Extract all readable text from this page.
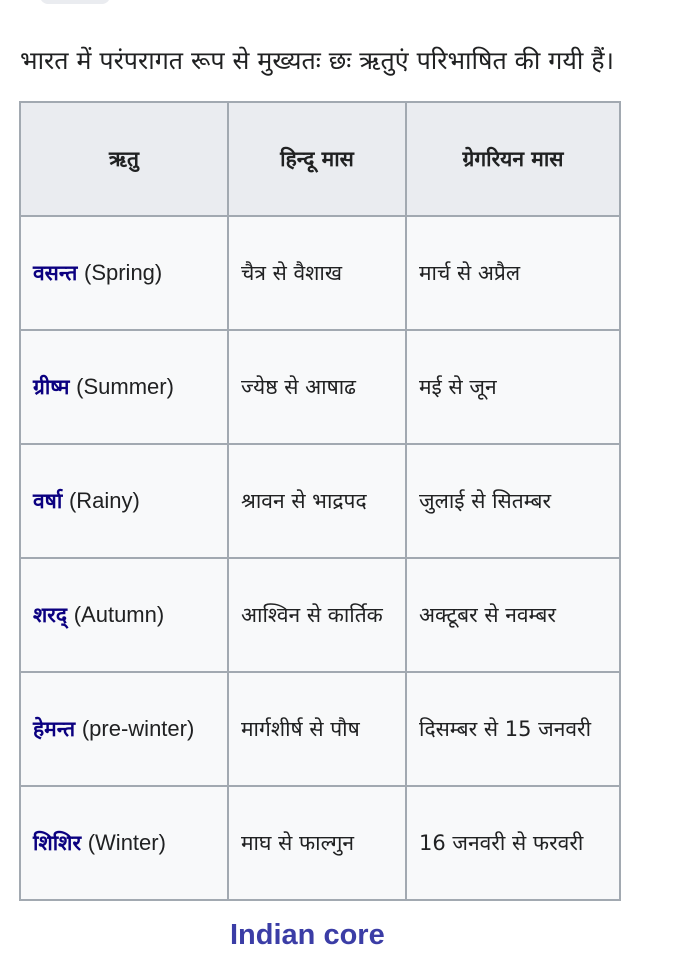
भारत में परंपरागत रूप से मुख्यतः छः ऋतुएं परिभाषित की गयी हैं।
ऋतु	हिन्दू मास	ग्रेगरियन मास
वसन्त (Spring)	चैत्र से वैशाख	मार्च से अप्रैल
ग्रीष्म (Summer)	ज्येष्ठ से आषाढ	मई से जून
वर्षा (Rainy)	श्रावन से भाद्रपद	जुलाई से सितम्बर
शरद् (Autumn)	आश्विन से कार्तिक	अक्टूबर से नवम्बर
हेमन्त (pre-winter)	मार्गशीर्ष से पौष	दिसम्बर से 15 जनवरी
शिशिर (Winter)	माघ से फाल्गुन	16 जनवरी से फरवरी
Indian core
